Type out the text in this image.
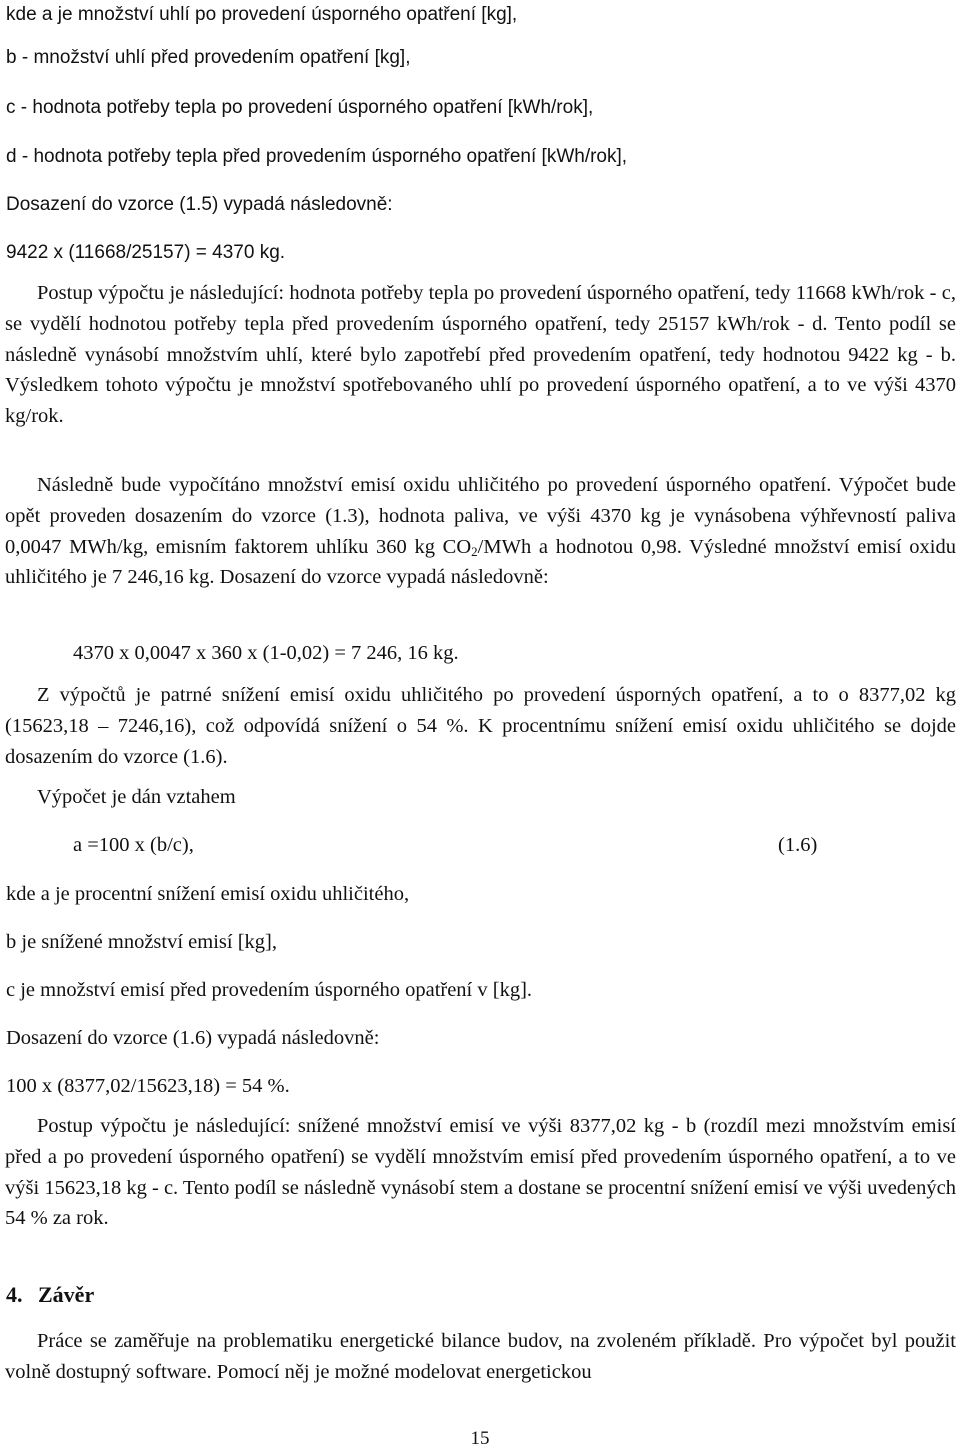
kde a je množství uhlí po provedení úsporného opatření [kg],
b - množství uhlí před provedením opatření [kg],
c - hodnota potřeby tepla po provedení úsporného opatření [kWh/rok],
d - hodnota potřeby tepla před provedením úsporného opatření [kWh/rok],
Dosazení do vzorce (1.5) vypadá následovně:
9422 x (11668/25157) = 4370 kg.

Postup výpočtu je následující: hodnota potřeby tepla po provedení úsporného opatření, tedy 11668 kWh/rok - c, se vydělí hodnotou potřeby tepla před provedením úsporného opatření, tedy 25157 kWh/rok - d. Tento podíl se následně vynásobí množstvím uhlí, které bylo zapotřebí před provedením opatření, tedy hodnotou 9422 kg - b. Výsledkem tohoto výpočtu je množství spotřebovaného uhlí po provedení úsporného opatření, a to ve výši 4370 kg/rok.

Následně bude vypočítáno množství emisí oxidu uhličitého po provedení úsporného opatření. Výpočet bude opět proveden dosazením do vzorce (1.3), hodnota paliva, ve výši 4370 kg je vynásobena výhřevností paliva 0,0047 MWh/kg, emisním faktorem uhlíku 360 kg $CO_2$/MWh a hodnotou 0,98. Výsledné množství emisí oxidu uhličitého je 7 246,16 kg. Dosazení do vzorce vypadá následovně:

4370 x 0,0047 x 360 x (1-0,02) = 7 246, 16 kg.

Z výpočtů je patrné snížení emisí oxidu uhličitého po provedení úsporných opatření, a to o 8377,02 kg (15623,18 – 7246,16), což odpovídá snížení o 54 %. K procentnímu snížení emisí oxidu uhličitého se dojde dosazením do vzorce (1.6).

Výpočet je dán vztahem
a =100 x (b/c),	(1.6)
kde a je procentní snížení emisí oxidu uhličitého,
b je snížené množství emisí [kg],
c je množství emisí před provedením úsporného opatření v [kg].
Dosazení do vzorce (1.6) vypadá následovně:
100 x (8377,02/15623,18) = 54 %.

Postup výpočtu je následující: snížené množství emisí ve výši 8377,02 kg - b (rozdíl mezi množstvím emisí před a po provedení úsporného opatření) se vydělí množstvím emisí před provedením úsporného opatření, a to ve výši 15623,18 kg - c. Tento podíl se následně vynásobí stem a dostane se procentní snížení emisí ve výši uvedených 54 % za rok.

4. Závěr

Práce se zaměřuje na problematiku energetické bilance budov, na zvoleném příkladě. Pro výpočet byl použit volně dostupný software. Pomocí něj je možné modelovat energetickou

15
